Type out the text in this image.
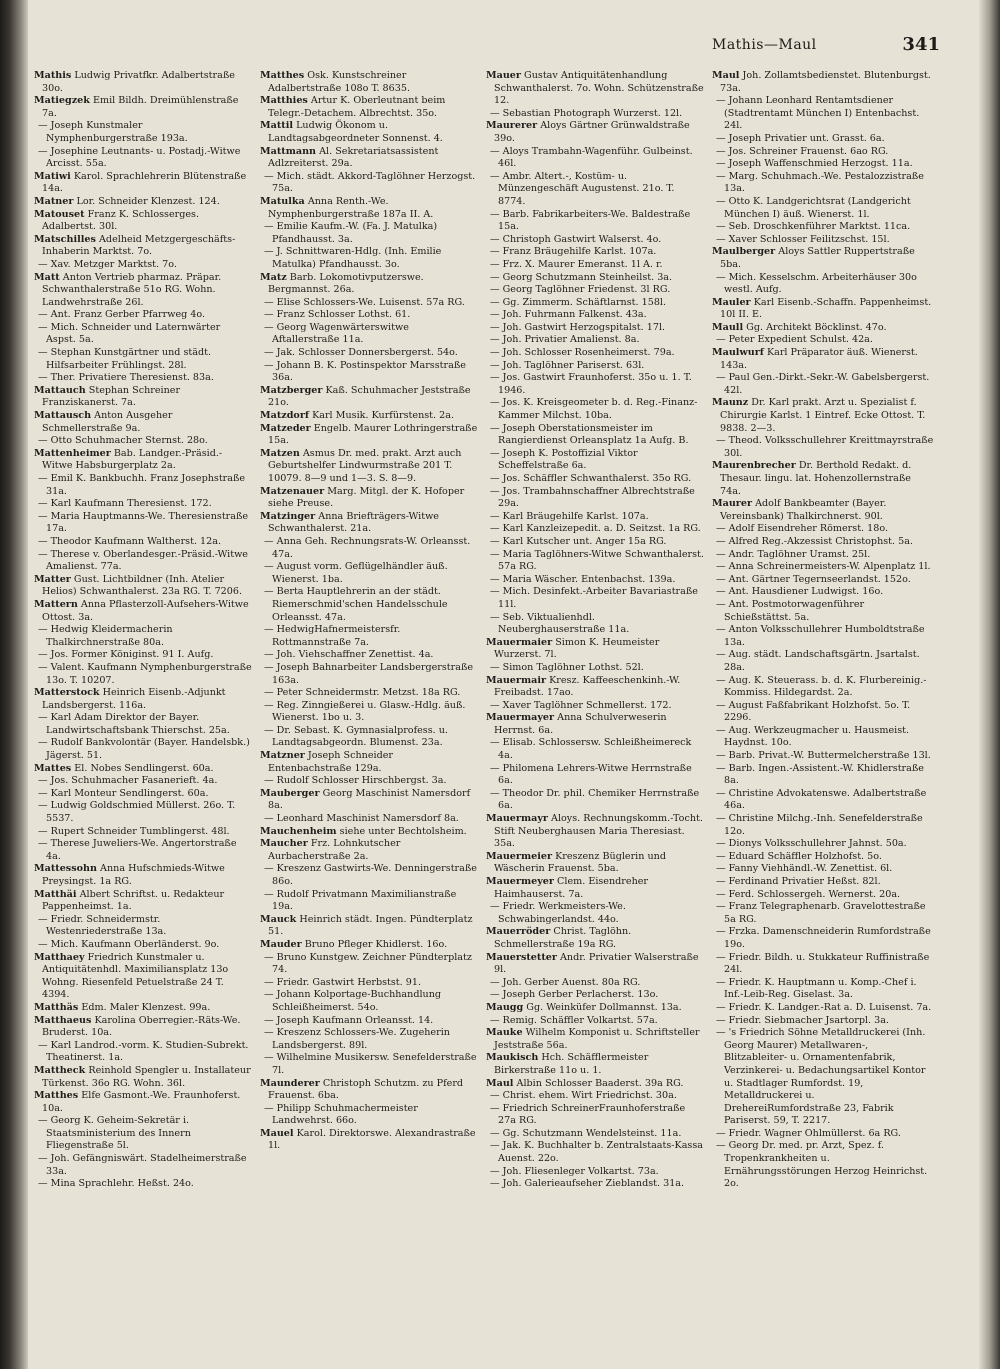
Mathis—Maul	341

Mathis Ludwig Privatfkr. Adalbertstraße 30o.

Matiegzek Emil Bildh. Dreimühlenstraße 7a.

— Joseph Kunstmaler Nymphenburgerstraße 193a.

— Josephine Leutnants- u. Postadj.-Witwe Arcisst. 55a.

Matiwi Karol. Sprachlehrerin Blütenstraße 14a.

Matner Lor. Schneider Klenzest. 124.

Matouset Franz K. Schlosserges. Adalbertst. 30l.

Matschilles Adelheid Metzgergeschäfts-Inhaberin Marktst. 7o.

— Xav. Metzger Marktst. 7o.

Matt Anton Vertrieb pharmaz. Präpar. Schwanthalerstraße 51o RG. Wohn. Landwehrstraße 26l.

— Ant. Franz Gerber Pfarrweg 4o.

— Mich. Schneider und Laternwärter Aspst. 5a.

— Stephan Kunstgärtner und städt. Hilfsarbeiter Frühlingst. 28l.

— Ther. Privatiere Theresienst. 83a.

Mattauch Stephan Schreiner Franziskanerst. 7a.

Mattausch Anton Ausgeher Schmellerstraße 9a.

— Otto Schuhmacher Sternst. 28o.

Mattenheimer Bab. Landger.-Präsid.-Witwe Habsburgerplatz 2a.

— Emil K. Bankbuchh. Franz Josephstraße 31a.

— Karl Kaufmann Theresienst. 172.

— Maria Hauptmanns-We. Theresienstraße 17a.

— Theodor Kaufmann Waltherst. 12a.

— Therese v. Oberlandesger.-Präsid.-Witwe Amalienst. 77a.

Matter Gust. Lichtbildner (Inh. Atelier Helios) Schwanthalerst. 23a RG. T. 7206.

Mattern Anna Pflasterzoll-Aufsehers-Witwe Ottost. 3a.

— Hedwig Kleidermacherin Thalkirchnerstraße 80a.

— Jos. Former Königinst. 91 I. Aufg.

— Valent. Kaufmann Nymphenburgerstraße 13o. T. 10207.

Matterstock Heinrich Eisenb.-Adjunkt Landsbergerst. 116a.

— Karl Adam Direktor der Bayer. Landwirtschaftsbank Thierschst. 25a.

— Rudolf Bankvolontär (Bayer. Handelsbk.) Jägerst. 51.

Mattes El. Nobes Sendlingerst. 60a.

— Jos. Schuhmacher Fasanerieft. 4a.

— Karl Monteur Sendlingerst. 60a.

— Ludwig Goldschmied Müllerst. 26o. T. 5537.

— Rupert Schneider Tumblingerst. 48l.

— Therese Juweliers-We. Angertorstraße 4a.

Mattessohn Anna Hufschmieds-Witwe Preysingst. 1a RG.

Matthäi Albert Schriftst. u. Redakteur Pappenheimst. 1a.

— Friedr. Schneidermstr. Westenriederstraße 13a.

— Mich. Kaufmann Oberländerst. 9o.

Matthaey Friedrich Kunstmaler u. Antiquitätenhdl. Maximiliansplatz 13o Wohng. Riesenfeld Petuelstraße 24 T. 4394.

Matthäs Edm. Maler Klenzest. 99a.

Matthaeus Karolina Oberregier.-Räts-We. Bruderst. 10a.

— Karl Landrod.-vorm. K. Studien-Subrekt. Theatinerst. 1a.

Mattheck Reinhold Spengler u. Installateur Türkenst. 36o RG. Wohn. 36l.

Matthes Elfe Gasmont.-We. Fraunhoferst. 10a.

— Georg K. Geheim-Sekretär i. Staatsministerium des Innern Fliegenstraße 5l.

— Joh. Gefängniswärt. Stadelheimerstraße 33a.

— Mina Sprachlehr. Heßst. 24o.

Matthes Osk. Kunstschreiner Adalbertstraße 108o T. 8635.

Matthies Artur K. Oberleutnant beim Telegr.-Detachem. Albrechtst. 35o.

Mattil Ludwig Ökonom u. Landtagsabgeordneter Sonnenst. 4.

Mattmann Al. Sekretariatsassistent Adlzreiterst. 29a.

— Mich. städt. Akkord-Taglöhner Herzogst. 75a.

Matulka Anna Renth.-We. Nymphenburgerstraße 187a II. A.

— Emilie Kaufm.-W. (Fa. J. Matulka) Pfandhausst. 3a.

— J. Schnittwaren-Hdlg. (Inh. Emilie Matulka) Pfandhausst. 3o.

Matz Barb. Lokomotivputzerswe. Bergmannst. 26a.

— Elise Schlossers-We. Luisenst. 57a RG.

— Franz Schlosser Lothst. 61.

— Georg Wagenwärterswitwe Aftallerstraße 11a.

— Jak. Schlosser Donnersbergerst. 54o.

— Johann B. K. Postinspektor Marsstraße 36a.

Matzberger Kaß. Schuhmacher Jeststraße 21o.

Matzdorf Karl Musik. Kurfürstenst. 2a.

Matzeder Engelb. Maurer Lothringerstraße 15a.

Matzen Asmus Dr. med. prakt. Arzt auch Geburtshelfer Lindwurmstraße 201 T. 10079. 8—9 und 1—3. S. 8—9.

Matzenauer Marg. Mitgl. der K. Hofoper siehe Preuse.

Matzinger Anna Briefträgers-Witwe Schwanthalerst. 21a.

— Anna Geh. Rechnungsrats-W. Orleansst. 47a.

— August vorm. Geflügelhändler äuß. Wienerst. 1ba.

— Berta Hauptlehrerin an der städt. Riemerschmid'schen Handelsschule Orleansst. 47a.

— HedwigHafnermeistersfr. Rottmannstraße 7a.

— Joh. Viehschaffner Zenettist. 4a.

— Joseph Bahnarbeiter Landsbergerstraße 163a.

— Peter Schneidermstr. Metzst. 18a RG.

— Reg. Zinngießerei u. Glasw.-Hdlg. äuß. Wienerst. 1bo u. 3.

— Dr. Sebast. K. Gymnasialprofess. u. Landtagsabgeordn. Blumenst. 23a.

Matzner Joseph Schneider Entenbachstraße 129a.

— Rudolf Schlosser Hirschbergst. 3a.

Mauberger Georg Maschinist Namersdorf 8a.

— Leonhard Maschinist Namersdorf 8a.

Mauchenheim siehe unter Bechtolsheim.

Maucher Frz. Lohnkutscher Aurbacherstraße 2a.

— Kreszenz Gastwirts-We. Denningerstraße 86o.

— Rudolf Privatmann Maximilianstraße 19a.

Mauck Heinrich städt. Ingen. Pündterplatz 51.

Mauder Bruno Pfleger Khidlerst. 16o.

— Bruno Kunstgew. Zeichner Pündterplatz 74.

— Friedr. Gastwirt Herbstst. 91.

— Johann Kolportage-Buchhandlung Schleißheimerst. 54o.

— Joseph Kaufmann Orleansst. 14.

— Kreszenz Schlossers-We. Zugeherin Landsbergerst. 89l.

— Wilhelmine Musikersw. Senefelderstraße 7l.

Maunderer Christoph Schutzm. zu Pferd Frauenst. 6ba.

— Philipp Schuhmachermeister Landwehrst. 66o.

Mauel Karol. Direktorswe. Alexandrastraße 1l.

Mauer Gustav Antiquitätenhandlung Schwanthalerst. 7o. Wohn. Schützenstraße 12.

— Sebastian Photograph Wurzerst. 12l.

Maurerer Aloys Gärtner Grünwaldstraße 39o.

— Aloys Trambahn-Wagenführ. Gulbeinst. 46l.

— Ambr. Altert.-, Kostüm- u. Münzengeschäft Augustenst. 21o. T. 8774.

— Barb. Fabrikarbeiters-We. Baldestraße 15a.

— Christoph Gastwirt Walserst. 4o.

— Franz Bräugehilfe Karlst. 107a.

— Frz. X. Maurer Emeranst. 1l A. r.

— Georg Schutzmann Steinheilst. 3a.

— Georg Taglöhner Friedenst. 3l RG.

— Gg. Zimmerm. Schäftlarnst. 158l.

— Joh. Fuhrmann Falkenst. 43a.

— Joh. Gastwirt Herzogspitalst. 17l.

— Joh. Privatier Amalienst. 8a.

— Joh. Schlosser Rosenheimerst. 79a.

— Joh. Taglöhner Pariserst. 63l.

— Jos. Gastwirt Fraunhoferst. 35o u. 1. T. 1946.

— Jos. K. Kreisgeometer b. d. Reg.-Finanz-Kammer Milchst. 10ba.

— Joseph Oberstationsmeister im Rangierdienst Orleansplatz 1a Aufg. B.

— Joseph K. Postoffizial Viktor Scheffelstraße 6a.

— Jos. Schäffler Schwanthalerst. 35o RG.

— Jos. Trambahnschaffner Albrechtstraße 29a.

— Karl Bräugehilfe Karlst. 107a.

— Karl Kanzleizepedit. a. D. Seitzst. 1a RG.

— Karl Kutscher unt. Anger 15a RG.

— Maria Taglöhners-Witwe Schwanthalerst. 57a RG.

— Maria Wäscher. Entenbachst. 139a.

— Mich. Desinfekt.-Arbeiter Bavariastraße 11l.

— Seb. Viktualienhdl. Neuberghauserstraße 11a.

Mauermaier Simon K. Heumeister Wurzerst. 7l.

— Simon Taglöhner Lothst. 52l.

Mauermair Kresz. Kaffeeschenkinh.-W. Freibadst. 17ao.

— Xaver Taglöhner Schmellerst. 172.

Mauermayer Anna Schulverweserin Herrnst. 6a.

— Elisab. Schlossersw. Schleißheimereck 4a.

— Philomena Lehrers-Witwe Herrnstraße 6a.

— Theodor Dr. phil. Chemiker Herrnstraße 6a.

Mauermayr Aloys. Rechnungskomm.-Tocht. Stift Neuberghausen Maria Theresiast. 35a.

Mauermeier Kreszenz Büglerin und Wäscherin Frauenst. 5ba.

Mauermeyer Clem. Eisendreher Haimhauserst. 7a.

— Friedr. Werkmeisters-We. Schwabingerlandst. 44o.

Mauerröder Christ. Taglöhn. Schmellerstraße 19a RG.

Mauerstetter Andr. Privatier Walserstraße 9l.

— Joh. Gerber Auenst. 80a RG.

— Joseph Gerber Perlacherst. 13o.

Maugg Gg. Weinküfer Dollmannst. 13a.

— Remig. Schäffler Volkartst. 57a.

Mauke Wilhelm Komponist u. Schriftsteller Jeststraße 56a.

Maukisch Hch. Schäfflermeister Birkerstraße 11o u. 1.

Maul Albin Schlosser Baaderst. 39a RG.

— Christ. ehem. Wirt Friedrichst. 30a.

— Friedrich SchreinerFraunhoferstraße 27a RG.

— Gg. Schutzmann Wendelsteinst. 11a.

— Jak. K. Buchhalter b. Zentralstaats-Kassa Auenst. 22o.

— Joh. Fliesenleger Volkartst. 73a.

— Joh. Galerieaufseher Zieblandst. 31a.

Maul Joh. Zollamtsbedienstet. Blutenburgst. 73a.

— Johann Leonhard Rentamtsdiener (Stadtrentamt München I) Entenbachst. 24l.

— Joseph Privatier unt. Grasst. 6a.

— Jos. Schreiner Frauenst. 6ao RG.

— Joseph Waffenschmied Herzogst. 11a.

— Marg. Schuhmach.-We. Pestalozzistraße 13a.

— Otto K. Landgerichtsrat (Landgericht München I) äuß. Wienerst. 1l.

— Seb. Droschkenführer Marktst. 11ca.

— Xaver Schlosser Feilitzschst. 15l.

Maulberger Aloys Sattler Ruppertstraße 5ba.

— Mich. Kesselschm. Arbeiterhäuser 30o westl. Aufg.

Mauler Karl Eisenb.-Schaffn. Pappenheimst. 10l II. E.

Maull Gg. Architekt Böcklinst. 47o.

— Peter Expedient Schulst. 42a.

Maulwurf Karl Präparator äuß. Wienerst. 143a.

— Paul Gen.-Dirkt.-Sekr.-W. Gabelsbergerst. 42l.

Maunz Dr. Karl prakt. Arzt u. Spezialist f. Chirurgie Karlst. 1 Eintref. Ecke Ottost. T. 9838. 2—3.

— Theod. Volksschullehrer Kreittmayrstraße 30l.

Maurenbrecher Dr. Berthold Redakt. d. Thesaur. lingu. lat. Hohenzollernstraße 74a.

Maurer Adolf Bankbeamter (Bayer. Vereinsbank) Thalkirchnerst. 90l.

— Adolf Eisendreher Römerst. 18o.

— Alfred Reg.-Akzessist Christophst. 5a.

— Andr. Taglöhner Uramst. 25l.

— Anna Schreinermeisters-W. Alpenplatz 1l.

— Ant. Gärtner Tegernseerlandst. 152o.

— Ant. Hausdiener Ludwigst. 16o.

— Ant. Postmotorwagenführer Schießstättst. 5a.

— Anton Volksschullehrer Humboldtstraße 13a.

— Aug. städt. Landschaftsgärtn. Jsartalst. 28a.

— Aug. K. Steuerass. b. d. K. Flurbereinig.-Kommiss. Hildegardst. 2a.

— August Faßfabrikant Holzhofst. 5o. T. 2296.

— Aug. Werkzeugmacher u. Hausmeist. Haydnst. 10o.

— Barb. Privat.-W. Buttermelcherstraße 13l.

— Barb. Ingen.-Assistent.-W. Khidlerstraße 8a.

— Christine Advokatenswe. Adalbertstraße 46a.

— Christine Milchg.-Inh. Senefelderstraße 12o.

— Dionys Volksschullehrer Jahnst. 50a.

— Eduard Schäffler Holzhofst. 5o.

— Fanny Viehhändl.-W. Zenettist. 6l.

— Ferdinand Privatier Heßst. 82l.

— Ferd. Schlossergeh. Wernerst. 20a.

— Franz Telegraphenarb. Gravelottestraße 5a RG.

— Frzka. Damenschneiderin Rumfordstraße 19o.

— Friedr. Bildh. u. Stukkateur Ruffinistraße 24l.

— Friedr. K. Hauptmann u. Komp.-Chef i. Inf.-Leib-Reg. Giselast. 3a.

— Friedr. K. Landger.-Rat a. D. Luisenst. 7a.

— Friedr. Siebmacher Jsartorpl. 3a.

— 's Friedrich Söhne Metalldruckerei (Inh. Georg Maurer) Metallwaren-, Blitzableiter- u. Ornamentenfabrik, Verzinkerei- u. Bedachungsartikel Kontor u. Stadtlager Rumfordst. 19, Metalldruckerei u. DrehereiRumfordstraße 23, Fabrik Pariserst. 59, T. 2217.

— Friedr. Wagner Ohlmüllerst. 6a RG.

— Georg Dr. med. pr. Arzt, Spez. f. Tropenkrankheiten u. Ernährungsstörungen Herzog Heinrichst. 2o.
